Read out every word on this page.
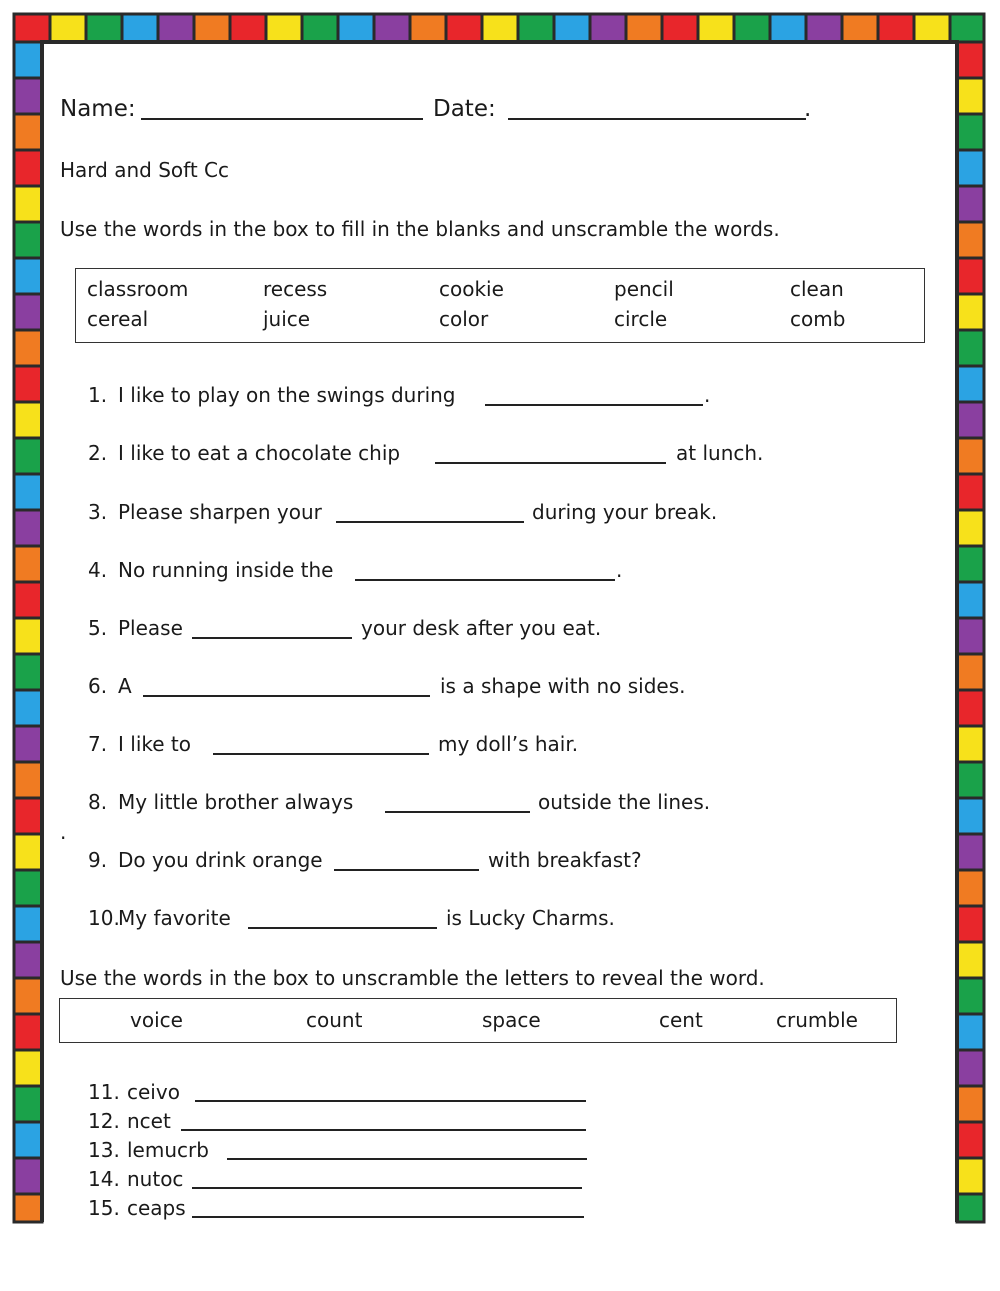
Name:	Date:	.
Hard and Soft Cc
Use the words in the box to fill in the blanks and unscramble the words.
classroom	recess	cookie	pencil	clean
cereal	juice	color	circle	comb
1. I like to play on the swings during	.
2. I like to eat a chocolate chip	at lunch.
3. Please sharpen your	during your break.
4. No running inside the	.
5. Please	your desk after you eat.
6. A	is a shape with no sides.
7. I like to	my doll’s hair.
8. My little brother always	outside the lines.
9. Do you drink orange	with breakfast?
10.
My favorite	is Lucky Charms.
.
Use the words in the box to unscramble the letters to reveal the word.
voice	count	space	cent	crumble
11. ceivo
12. ncet
13. lemucrb
14. nutoc
15. ceaps
